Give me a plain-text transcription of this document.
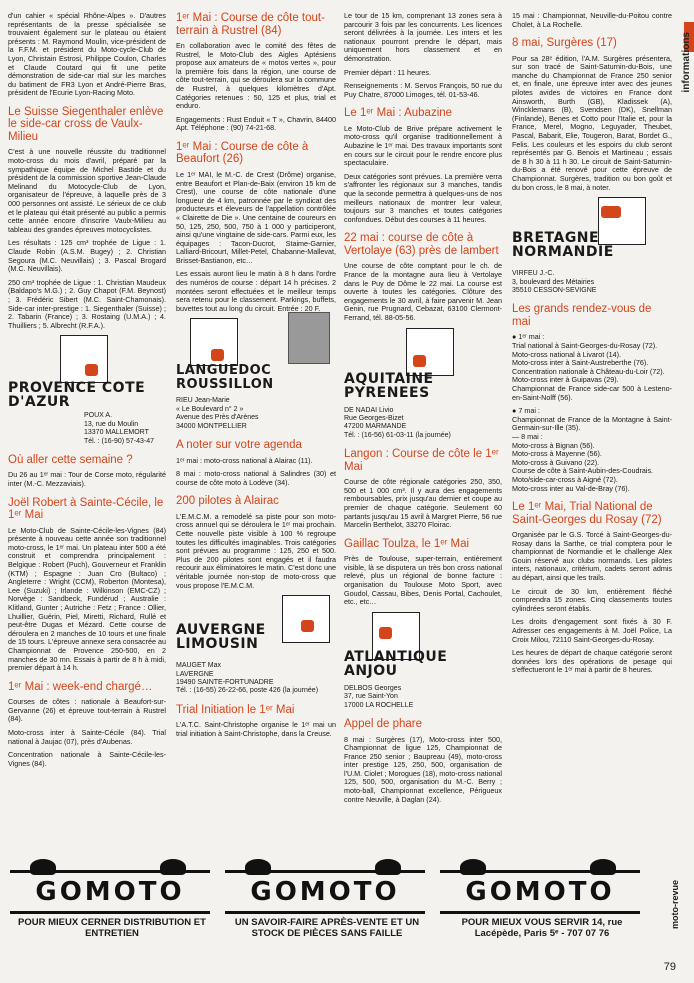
d'un cahier « spécial Rhône-Alpes ». D'autres représentants de la presse spécialisée se trouvaient également sur le plateau ou étaient présents : M. Raymond Moulin, vice-président de la F.F.M. et président du Moto-cycle-Club de Lyon, Christain Estrosi, Philippe Coulon, Charles et Claude Coutard qui fit une petite démonstration de side-car rtial sur les marches du batiment de FR3 Lyon et André-Pierre Bras, président de l'Ecurie Lyon-Racing Moto.

Le Suisse Siegenthaler enlève le side-car cross de Vaulx-Milieu

C'est à une nouvelle réussite du traditionnel moto-cross du mois d'avril, préparé par la sympathique équipe de Michel Bastide et du président de la commission sportive Jean-Claude Melinand du Motocycle-Club de Lyon, organisateur de l'épreuve, à laquelle près de 3 000 personnes ont assisté. Le sérieux de ce club et le plateau qui était présenté au public a permis cette année encore d'inscrire Vaulx-Milieu au tableau des grandes épreuves motocyclistes.

Les résultats : 125 cm³ trophée de Ligue : 1. Claude Robin (A.S.M. Bugey) ; 2. Christian Segoura (M.C. Neuvillais) ; 3. Pascal Brogard (M.C. Neuvillais).

250 cm³ trophée de Ligue : 1. Christian Maudeux (Baldapo's M.G.) ; 2. Guy Chapot (F.M. Beynost) ; 3. Frédéric Sibert (M.C. Saint-Chamonais). Side-car inter-prestige : 1. Siegenthaler (Suisse) ; 2. Tabarin (France) ; 3. Rostaing (U.M.A.) ; 4. Thuilliers ; 5. Albrecht (R.F.A.).

PROVENCE COTE D'AZUR
POUX A.
13, rue du Moulin
13370 MALLEMORT
Tél. : (16-90) 57-43-47
Où aller cette semaine ?

Du 26 au 1ᵉʳ mai : Tour de Corse moto, régularité inter (M.-C. Mezzaviais).

Joël Robert à Sainte-Cécile, le 1ᵉʳ Mai

Le Moto-Club de Sainte-Cécile-les-Vignes (84) présente à nouveau cette année son traditionnel moto-cross, le 1ᵉʳ mai. Un plateau inter 500 a été construit et comprendra principalement : Belgique : Robert (Puch), Gouverneur et Franklin (KTM) ; Espagne : Juan Cro (Bultaco) ; Angleterre : Wright (CCM), Roberton (Montesa), Lee (Suzuki) ; Irlande : Wilkinson (EMC-CZ) ; Norvège : Sandbeck, Fundérud ; Australie : Klitland, Gunter ; Autriche : Fetz ; France : Ollier, Lhuillier, Guérin, Piel, Miretti, Richard, Rullé et peut-être Dugas et Mézard. Cette course de déroulera en 2 manches de 10 tours et une finale de 15 tours. L'épreuve annexe sera consacrée au Championnat de Provence 250-500, en 2 manches de 30 mn. Essais à partir de 8 h à midi, premier départ à 14 h.

1ᵉʳ Mai : week-end chargé…

Courses de côtes : nationale à Beaufort-sur-Gervanne (26) et épreuve tout-terrain à Rustrel (84).

Moto-cross inter à Sainte-Cécile (84). Trial national à Jaujac (07), près d'Aubenas.

Concentration nationale à Sainte-Cécile-les-Vignes (84).

1ᵉʳ Mai : Course de côte tout-terrain à Rustrel (84)

En collaboration avec le comité des fêtes de Rustrel, le Moto-Club des Aigles Aptésiens propose aux amateurs de « motos vertes », pour la première fois dans la région, une course de côte tout-terrain, qui se déroulera sur la commune de Rustrel, à quelques kilomètres d'Apt. Catégories retenues : 50, 125 et plus, trial et enduro.

Engagements : Rust Enduit « T », Chavrin, 84400 Apt. Téléphone : (90) 74-21-68.

1ᵉʳ Mai : Course de côte à Beaufort (26)

Le 1ᵉʳ MAI, le M.-C. de Crest (Drôme) organise, entre Beaufort et Plan-de-Baix (environ 15 km de Crest), une course de côte nationale d'une longueur de 4 km, patronnée par le syndicat des producteurs et éleveurs de l'appellation contrôlée « Clairette de Die ». Une centaine de coureurs en 50, 125, 250, 500, 750 à 1 000 y participeront, ainsi qu'une vingtaine de side-cars. Parmi eux, les équipages : Tacon-Ducrot, Staime-Garnier, Lalliard-Bricourt, Millet-Petel, Chabanne-Mallevat, Brisset-Bastianon, etc…

Les essais auront lieu le matin à 8 h dans l'ordre des numéros de course : départ 14 h précises. 2 montées seront effectuées et le meilleur temps sera retenu pour le classement. Parkings, buffets, buvettes tout au long du circuit. Entrée : 20 F.

LANGUEDOC ROUSSILLON
RIEU Jean-Marie
« Le Boulevard n° 2 »
Avenue des Près d'Arènes
34000 MONTPELLIER
A noter sur votre agenda

1ᵉʳ mai : moto-cross national à Alairac (11).

8 mai : moto-cross national à Salindres (30) et course de côte moto à Lodève (34).

200 pilotes à Alairac

L'E.M.C.M. a remodelé sa piste pour son moto-cross annuel qui se déroulera le 1ᵉʳ mai prochain. Cette nouvelle piste visible à 100 % regroupe toutes les difficultés imaginables. Trois catégories sont prévues au programme : 125, 250 et 500. Plus de 200 pilotes sont engagés et il faudra recourir aux éliminatoires le matin. C'est donc une véritable journée non-stop de moto-cross que vous propose l'E.M.C.M.

AUVERGNE LIMOUSIN
MAUGET Max
LAVERGNE
19490 SAINTE-FORTUNADRE
Tél. : (16-55) 26-22-66, poste 426 (la journée)
Trial Initiation le 1ᵉʳ Mai

L'A.T.C. Saint-Christophe organise le 1ᵉʳ mai un trial initiation à Saint-Christophe, dans la Creuse.

Le tour de 15 km, comprenant 13 zones sera à parcourir 3 fois par les concurrents. Les licences seront délivrées à la journée. Les inters et les nationaux pourront prendre le départ, mais uniquement hors classement et en démonstration.

Premier départ : 11 heures.

Renseignements : M. Servos François, 50 rue du Puy Chatre, 87000 Limoges, tél. 01-53-46.

Le 1ᵉʳ Mai : Aubazine

Le Moto-Club de Brive prépare activement le moto-cross qu'il organise traditionnellement à Aubazine le 1ᵉʳ mai. Des travaux importants sont en cours sur le circuit pour le rendre encore plus spectaculaire.

Deux catégories sont prévues. La première verra s'affronter les régionaux sur 3 manches, tandis que la seconde permettra à quelques-uns de nos meilleurs nationaux de montrer leur valeur, toujours sur 3 manches et toutes catégories confondues. Début des courses à 11 heures.

22 mai : course de côte à Vertolaye (63) près de lambert

Une course de côte comptant pour le ch. de France de la montagne aura lieu à Vertolaye dans le Puy de Dôme le 22 mai. La course est ouverte à toutes les catégories. Clôture des engagements le 30 avril, à faire parvenir M. Jean Genin, rue Prugnard, Cebazat, 63100 Clermont-Ferrand, tél. 88-05-56.

AQUITAINE PYRENEES
DE NADAI Livio
Rue Georges-Bizet
47200 MARMANDE
Tél. : (16-56) 61-03-11 (la journée)
Langon : Course de côte le 1ᵉʳ Mai

Course de côte régionale catégories 250, 350, 500 et 1 000 cm³. Il y aura des engagements remboursables, prix jusqu'au dernier et coupe au premier de chaque catégorie. Seulement 60 partants jusqu'au 15 avril à Margret Pierre, 56 rue Marcelin Berthelot, 33270 Floirac.

Gaillac Toulza, le 1ᵉʳ Mai

Près de Toulouse, super-terrain, entièrement visible, là se disputera un très bon cross national relevé, plus un régional de bonne facture : organisation du Toulouse Moto Sport, avec Goudol, Cassau, Bibes, Denis Portal, Cachoulet, etc., etc…

ATLANTIQUE ANJOU
DELBOS Georges
37, rue Saint-Yon
17000 LA ROCHELLE
Appel de phare

8 mai : Surgères (17), Moto-cross inter 500, Championnat de ligue 125, Championnat de France 250 senior ; Baupreau (49), moto-cross inter prestige 125, 250, 500, organisation de l'U.M. Ciolet ; Morogues (18), moto-cross national 125, 500, 500, organisation du M.-C. Berry ; moto-ball, Championnat excellence, Périgueux contre Neuville, à Daglan (24).

15 mai : Championnat, Neuville-du-Poitou contre Cholet, à La Rochelle.

8 mai, Surgères (17)

Pour sa 28ᵉ édition, l'A.M. Surgères présentera, sur son tracé de Saint-Saturnin-du-Bois, une manche du Championnat de France 250 senior et, en finale, une épreuve inter avec des jeunes pilotes avides de victoires en France dont Ainsworth, Burth (GB), Kladissek (A), Wincklemans (B), Svendsen (DK), Snellman (Finlande), Benes et Cotto pour l'Italie et, pour la France, Merel, Mogno, Leguyader, Theubet, Pascal, Babarit, Elie, Tougeron, Barat, Bordet G., Felis. Les couleurs et les espoirs du club seront représentés par G. Benois et Martineau ; essais de 8 h 30 à 11 h 30. Le circuit de Saint-Saturnin-du-Bois a été renové pour cette épreuve de Championnat. Surgères, tradition ou bon goût et du bon cross, le 8 mai, à noter.

BRETAGNE NORMANDIE
VIRFEU J.-C.
3, boulevard des Métairies
35510 CESSON-SEVIGNE
Les grands rendez-vous de mai

● 1ᵉʳ mai :
Trial national à Saint-Georges-du-Rosay (72).
Moto-cross national à Livarot (14).
Moto-cross inter à Saint-Austreberthe (76).
Concentration nationale à Château-du-Loir (72).
Moto-cross inter à Guipavas (29).
Championnat de France side-car 500 à Lesteno-en-Saint-Nolff (56).

● 7 mai :
Championnat de France de la Montagne à Saint-Germain-sur-Ille (35).
— 8 mai :
Moto-cross à Bignan (56).
Moto-cross à Mayenne (56).
Moto-cross à Guivano (22).
Course de côte à Saint-Aubin-des-Coudrais.
Moto/side-car-cross à Aigné (72).
Moto-cross inter au Val-de-Bray (76).

Le 1ᵉʳ Mai, Trial National de Saint-Georges du Rosay (72)

Organisée par le G.S. Torcé à Saint-Georges-du-Rosay dans la Sarthe, ce trial comptera pour le championnat de Normandie et le challenge Alex Gouin réservé aux clubs normands. Les pilotes inters, nationaux, critérium, cadets seront admis au départ, ainsi que les trails.

Le circuit de 30 km, entièrement fléché comprendra 15 zones. Cinq classements toutes cylindrées seront établis.

Les droits d'engagement sont fixés à 30 F. Adresser ces engagements à M. Joël Police, La Croix Milou, 72110 Saint-Georges-du-Rosay.

Les heures de départ de chaque catégorie seront données lors des opérations de pesage qui s'effectueront le 1ᵉʳ mai à partir de 8 heures.

informations
GOMOTO
POUR MIEUX CERNER DISTRIBUTION ET ENTRETIEN
GOMOTO
UN SAVOIR-FAIRE APRÈS-VENTE ET UN STOCK DE PIÈCES SANS FAILLE
GOMOTO
POUR MIEUX VOUS SERVIR 14, rue Lacépède, Paris 5ᵉ - 707 07 76
moto-revue
79
